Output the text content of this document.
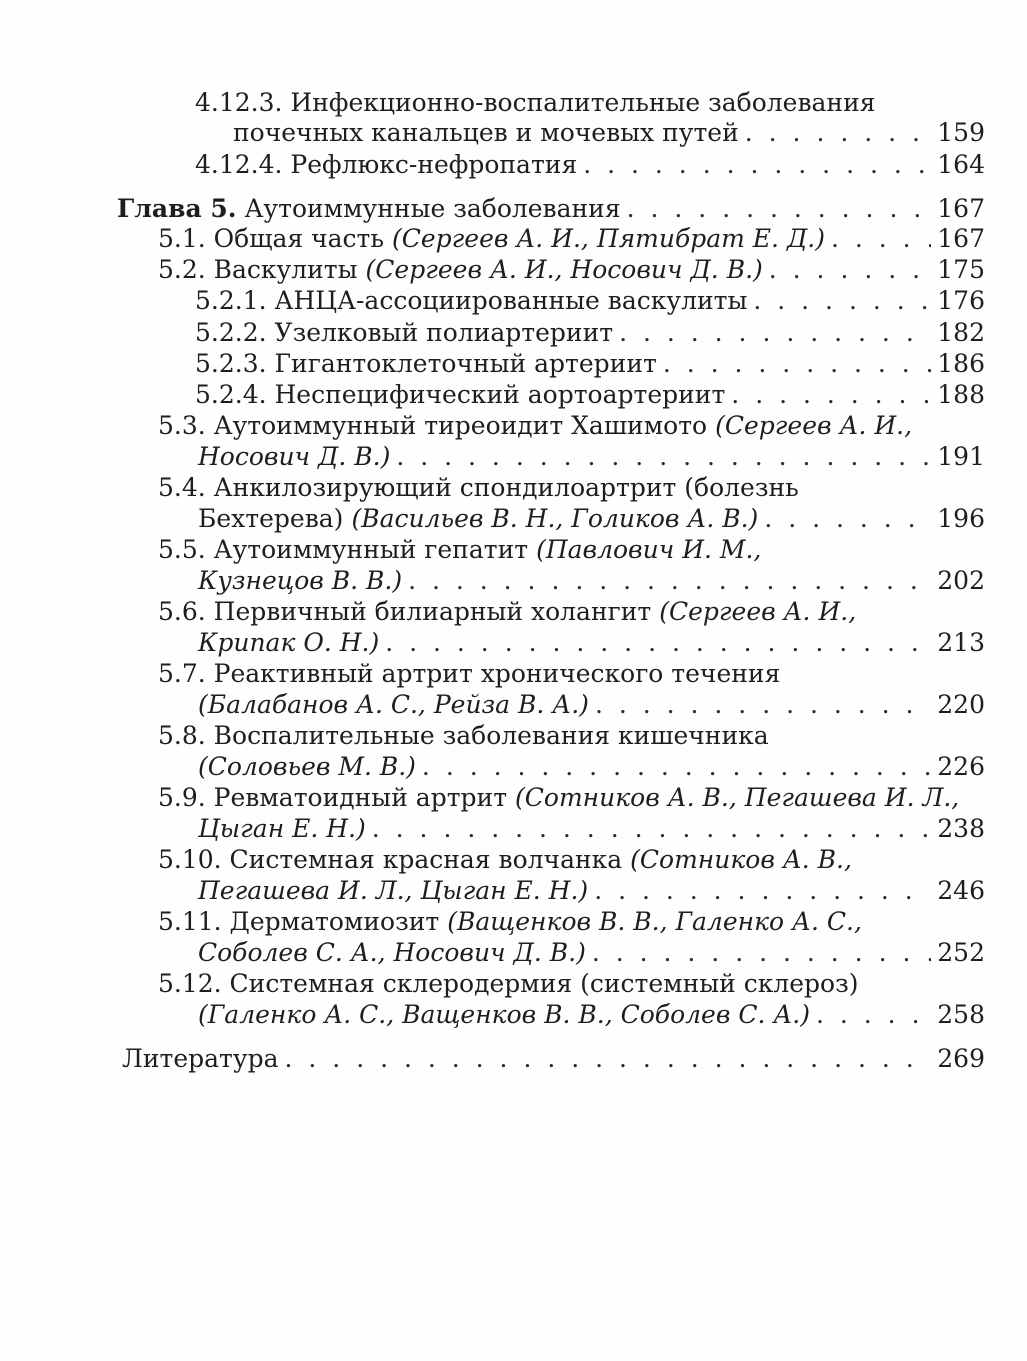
4.12.3. Инфекционно-воспалительные заболевания
почечных канальцев и мочевых путей . . .	159
4.12.4. Рефлюкс-нефропатия . . .	164
Глава 5. Аутоиммунные заболевания . . .	167
5.1. Общая часть (Сергеев А. И., Пятибрат Е. Д.) . . .	167
5.2. Васкулиты (Сергеев А. И., Носович Д. В.) . . .	175
5.2.1. АНЦА-ассоциированные васкулиты . . .	176
5.2.2. Узелковый полиартериит . . .	182
5.2.3. Гигантоклеточный артериит . . .	186
5.2.4. Неспецифический аортоартериит . . .	188
5.3. Аутоиммунный тиреоидит Хашимото (Сергеев А. И.,
Носович Д. В.) . . .	191
5.4. Анкилозирующий спондилоартрит (болезнь
Бехтерева) (Васильев В. Н., Голиков А. В.) . . .	196
5.5. Аутоиммунный гепатит (Павлович И. М.,
Кузнецов В. В.) . . .	202
5.6. Первичный билиарный холангит (Сергеев А. И.,
Крипак О. Н.) . . .	213
5.7. Реактивный артрит хронического течения
(Балабанов А. С., Рейза В. А.) . . .	220
5.8. Воспалительные заболевания кишечника
(Соловьев М. В.) . . .	226
5.9. Ревматоидный артрит (Сотников А. В., Пегашева И. Л.,
Цыган Е. Н.) . . .	238
5.10. Системная красная волчанка (Сотников А. В.,
Пегашева И. Л., Цыган Е. Н.) . . .	246
5.11. Дерматомиозит (Ващенков В. В., Галенко А. С.,
Соболев С. А., Носович Д. В.) . . .	252
5.12. Системная склеродермия (системный склероз)
(Галенко А. С., Ващенков В. В., Соболев С. А.) . . .	258
Литература . . .	269
